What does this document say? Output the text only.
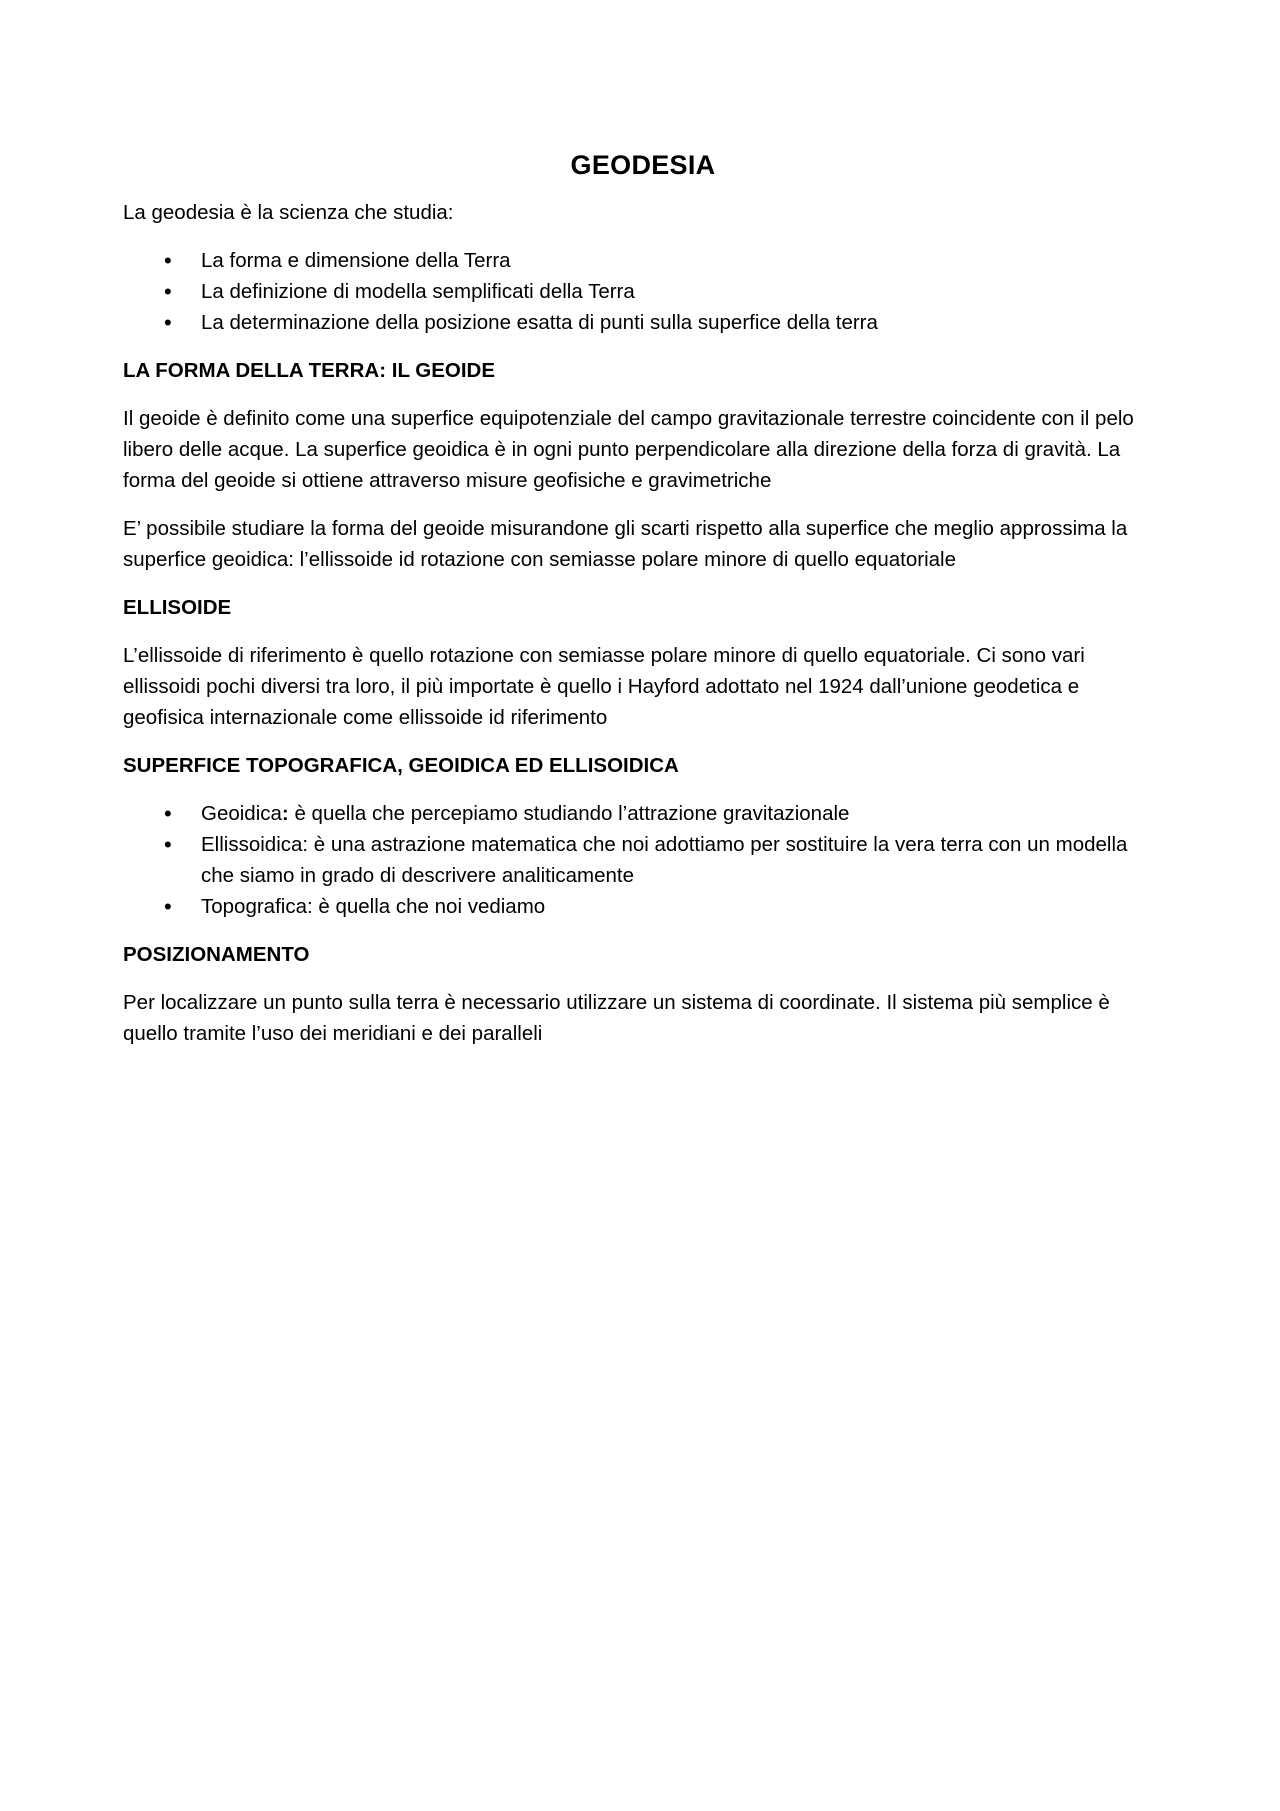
GEODESIA

La geodesia è la scienza che studia:

• La forma e dimensione della Terra
• La definizione di modella semplificati della Terra
• La determinazione della posizione esatta di punti sulla superfice della terra
LA FORMA DELLA TERRA: IL GEOIDE

Il geoide è definito come una superfice equipotenziale del campo gravitazionale terrestre coincidente con il pelo libero delle acque. La superfice geoidica è in ogni punto perpendicolare alla direzione della forza di gravità. La forma del geoide si ottiene attraverso misure geofisiche e gravimetriche

E’ possibile studiare la forma del geoide misurandone gli scarti rispetto alla superfice che meglio approssima la superfice geoidica: l’ellissoide id rotazione con semiasse polare minore di quello equatoriale

ELLISOIDE

L’ellissoide di riferimento è quello rotazione con semiasse polare minore di quello equatoriale. Ci sono vari ellissoidi pochi diversi tra loro, il più importate è quello i Hayford adottato nel 1924 dall’unione geodetica e geofisica internazionale come ellissoide id riferimento

SUPERFICE TOPOGRAFICA, GEOIDICA ED ELLISOIDICA
• Geoidica: è quella che percepiamo studiando l’attrazione gravitazionale
• Ellissoidica: è una astrazione matematica che noi adottiamo per sostituire la vera terra con un modella che siamo in grado di descrivere analiticamente
• Topografica: è quella che noi vediamo
POSIZIONAMENTO

Per localizzare un punto sulla terra è necessario utilizzare un sistema di coordinate. Il sistema più semplice è quello tramite l’uso dei meridiani e dei paralleli
